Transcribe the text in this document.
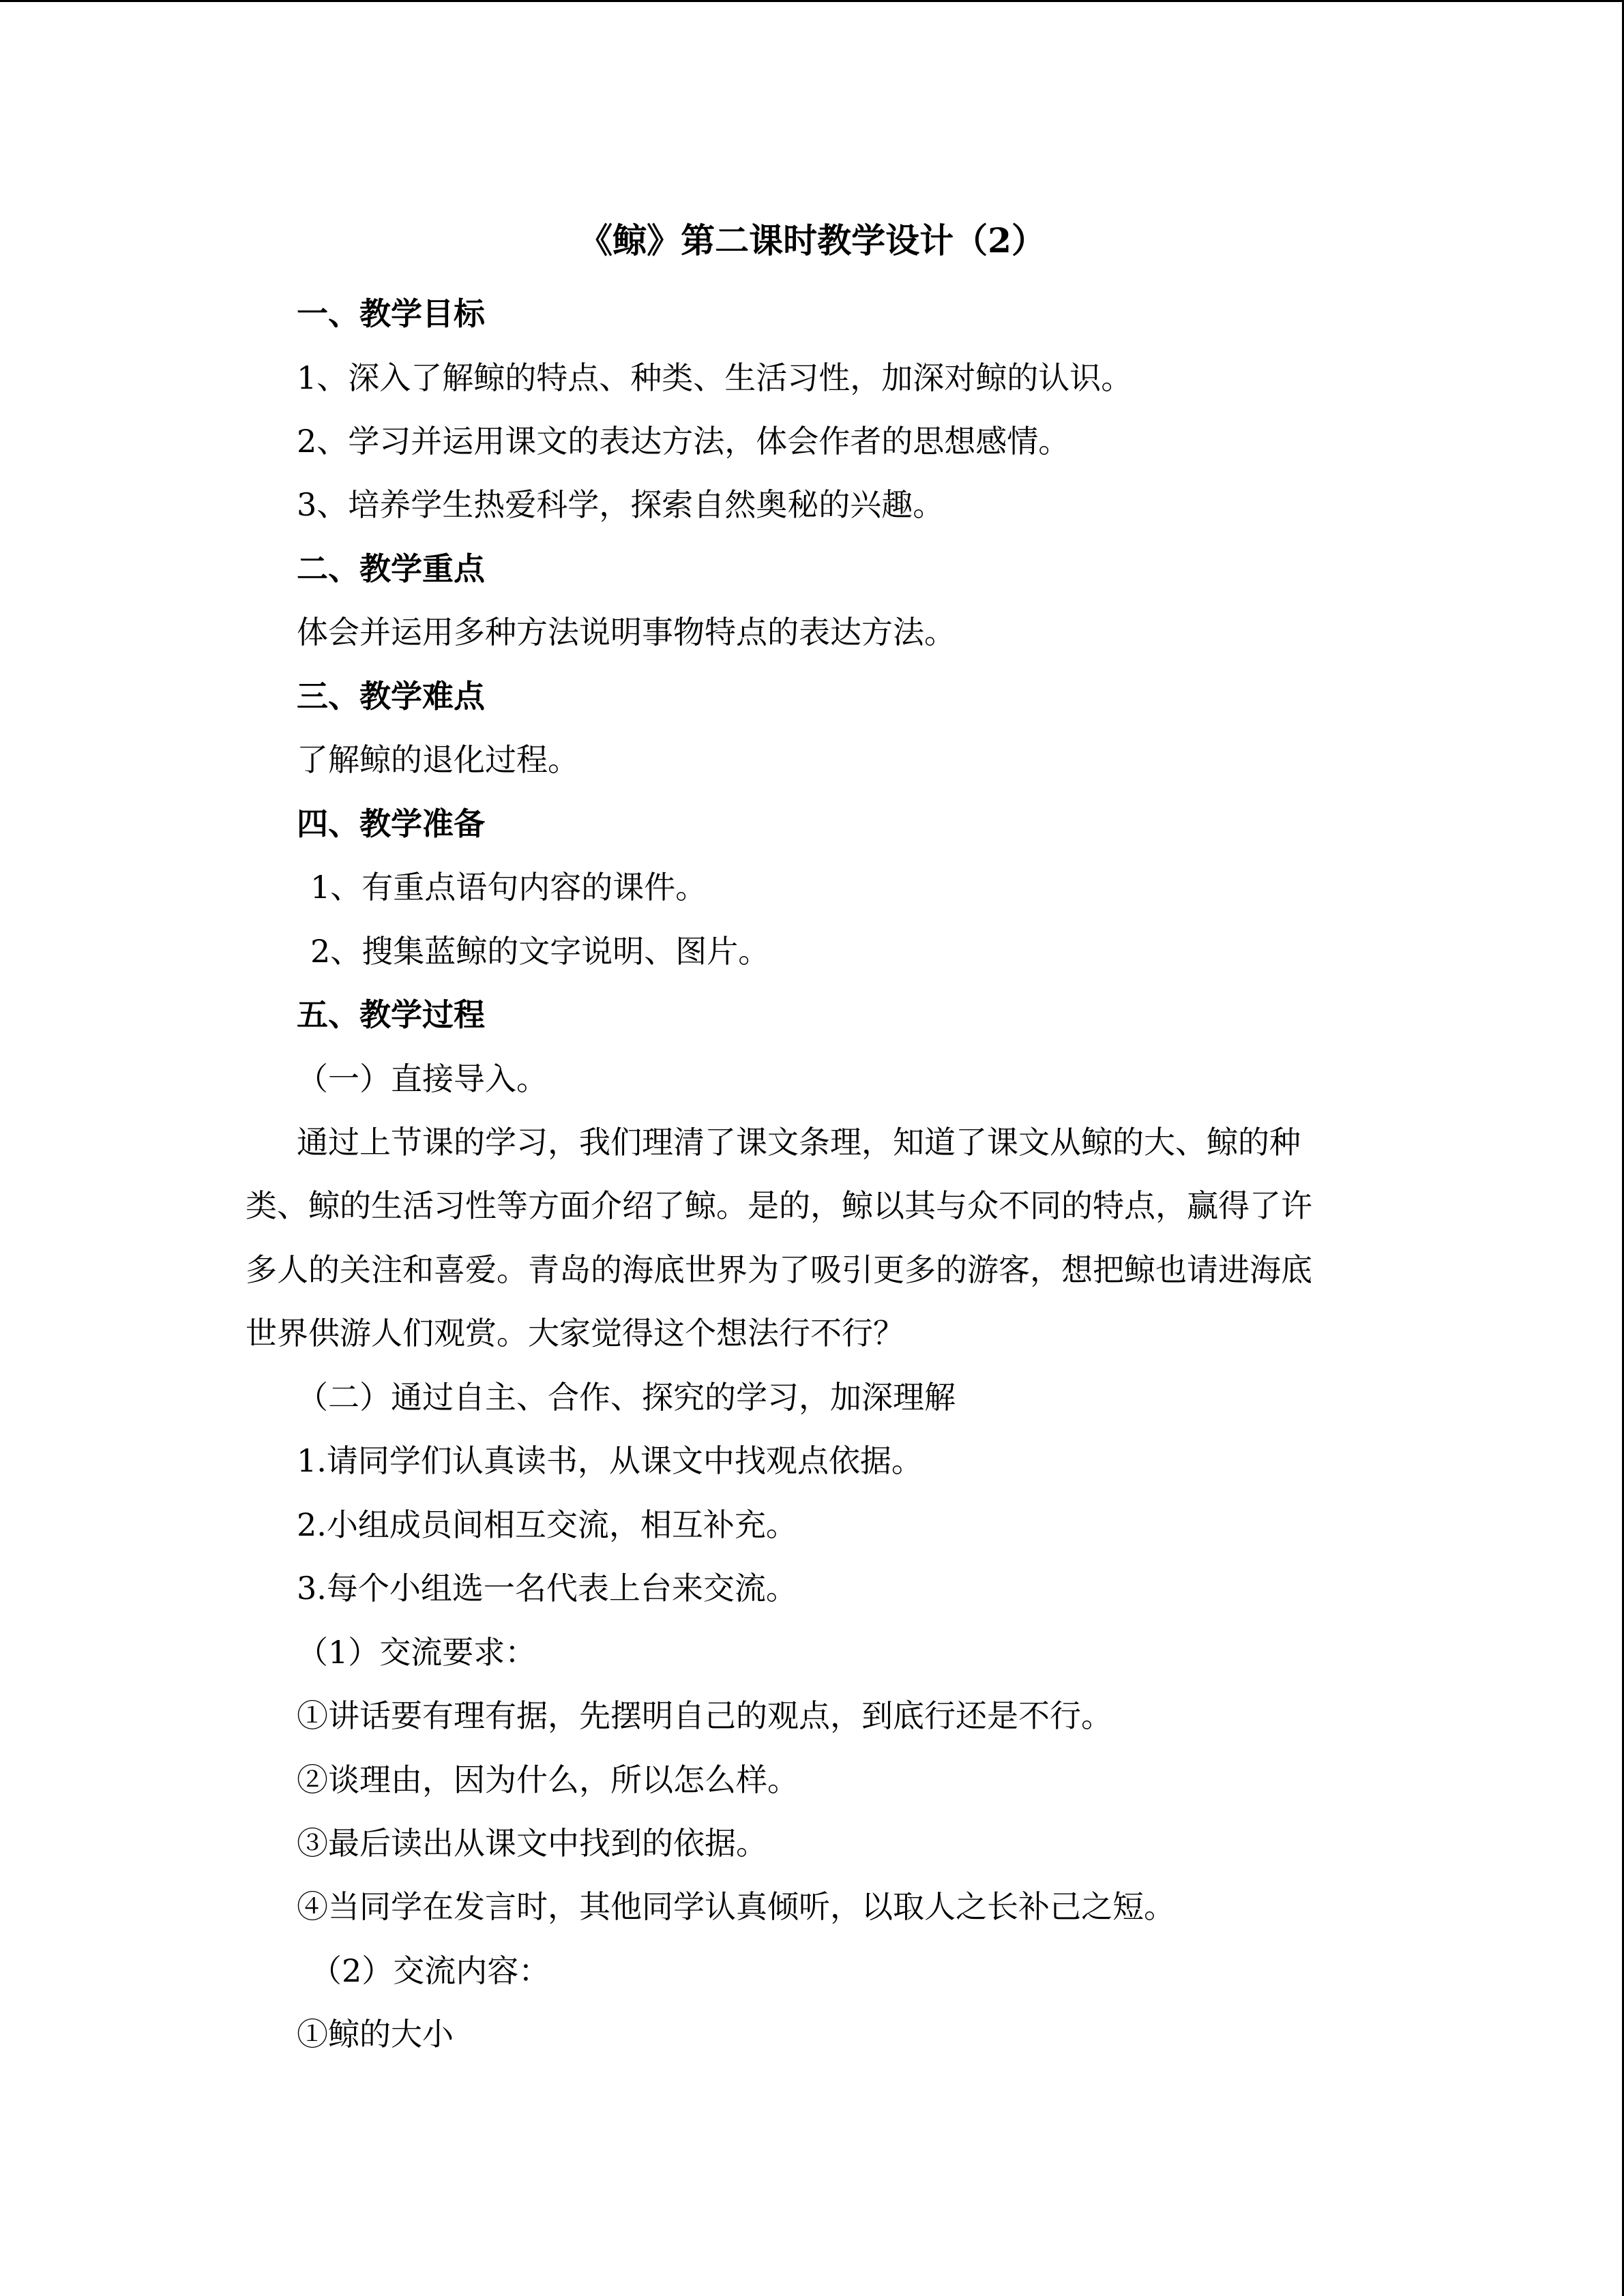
《鲸》第二课时教学设计（2）
一、教学目标
1、深入了解鲸的特点、种类、生活习性，加深对鲸的认识。
2、学习并运用课文的表达方法，体会作者的思想感情。
3、培养学生热爱科学，探索自然奥秘的兴趣。
二、教学重点
体会并运用多种方法说明事物特点的表达方法。
三、教学难点
了解鲸的退化过程。
四、教学准备
1、有重点语句内容的课件。
2、搜集蓝鲸的文字说明、图片。
五、教学过程
（一）直接导入。
通过上节课的学习，我们理清了课文条理，知道了课文从鲸的大、鲸的种
类、鲸的生活习性等方面介绍了鲸。是的，鲸以其与众不同的特点，赢得了许
多人的关注和喜爱。青岛的海底世界为了吸引更多的游客，想把鲸也请进海底
世界供游人们观赏。大家觉得这个想法行不行？
（二）通过自主、合作、探究的学习，加深理解
1.请同学们认真读书，从课文中找观点依据。
2.小组成员间相互交流，相互补充。
3.每个小组选一名代表上台来交流。
（1）交流要求：
①讲话要有理有据，先摆明自己的观点，到底行还是不行。
②谈理由，因为什么，所以怎么样。
③最后读出从课文中找到的依据。
④当同学在发言时，其他同学认真倾听，以取人之长补己之短。
（2）交流内容：
①鲸的大小
